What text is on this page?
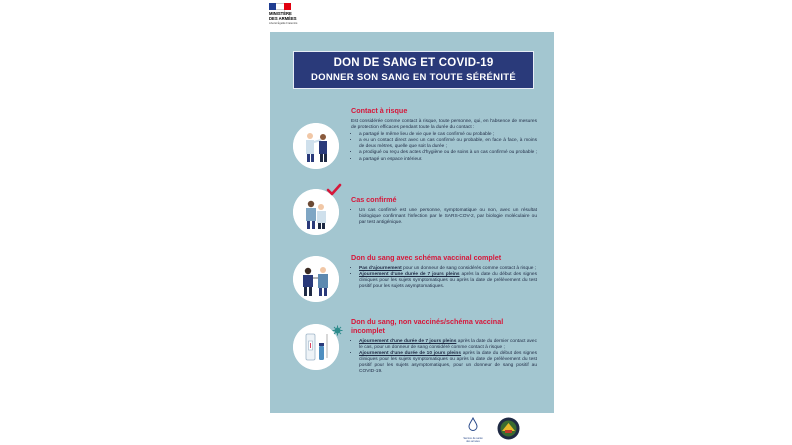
MINISTÈRE
DES ARMÉES
Liberté Égalité Fraternité
DON DE SANG ET COVID-19
DONNER SON SANG EN TOUTE SÉRÉNITÉ
Contact à risque
Est considérée comme contact à risque, toute personne, qui, en l'absence de mesures de protection efficaces pendant toute la durée du contact :
• a partagé le même lieu de vie que le cas confirmé ou probable ;
• a eu un contact direct avec un cas confirmé ou probable, en face à face, à moins de deux mètres, quelle que soit la durée ;
• a prodigué ou reçu des actes d'hygiène ou de soins à un cas confirmé ou probable ;
• a partagé un espace intérieur.
Cas confirmé
• Un cas confirmé est une personne, symptomatique ou non, avec un résultat biologique confirmant l'infection par le SARS-COV-2, par biologie moléculaire ou par test antigénique.
Don du sang avec schéma vaccinal complet
• Pas d'ajournement pour un donneur de sang considérés comme contact à risque ;
• Ajournement d'une durée de 7 jours pleins après la date du début des signes cliniques pour les sujets symptomatiques ou après la date de prélèvement du test positif pour les sujets asymptomatiques.
Don du sang, non vaccinés/schéma vaccinal incomplet
• Ajournement d'une durée de 7 jours pleins après la date du dernier contact avec le cas, pour un donneur de sang considéré comme contact à risque ;
• Ajournement d'une durée de 10 jours pleins après la date du début des signes cliniques pour les sujets symptomatiques ou après la date de prélèvement du test positif pour les sujets asymptomatiques, pour un donneur de sang positif au COVID-19.
Service de santé des armées
